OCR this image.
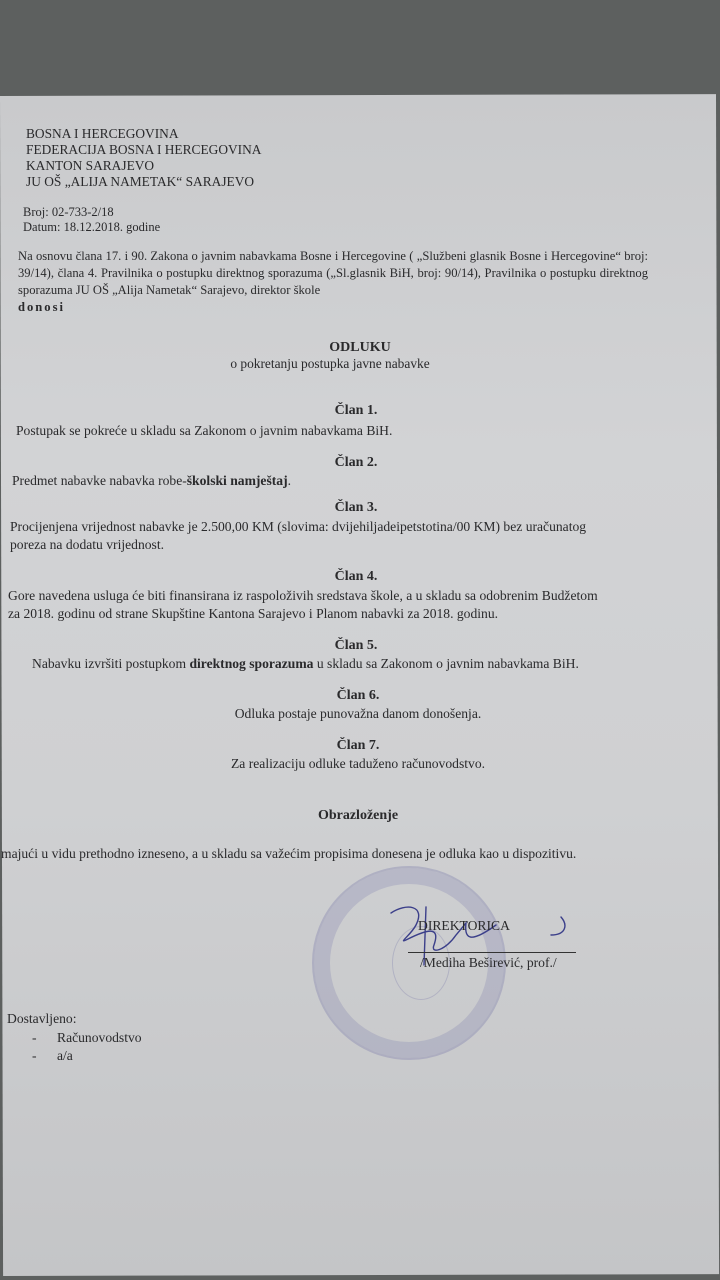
BOSNA I HERCEGOVINA
FEDERACIJA BOSNA I HERCEGOVINA
KANTON SARAJEVO
JU OŠ „ALIJA NAMETAK“ SARAJEVO
Broj: 02-733-2/18
Datum: 18.12.2018. godine
Na osnovu člana 17. i 90. Zakona o javnim nabavkama Bosne i Hercegovine ( „Službeni glasnik Bosne i Hercegovine“ broj: 39/14), člana 4. Pravilnika o postupku direktnog sporazuma („Sl.glasnik BiH, broj: 90/14), Pravilnika o postupku direktnog sporazuma JU OŠ „Alija Nametak“ Sarajevo, direktor škole
donosi
ODLUKU
o pokretanju postupka javne nabavke
Član 1.
Postupak se pokreće u skladu sa Zakonom o javnim nabavkama BiH.
Član 2.
Predmet nabavke nabavka robe-školski namještaj.
Član 3.
Procijenjena vrijednost nabavke je 2.500,00 KM (slovima: dvijehiljadeipetstotina/00 KM) bez uračunatog
poreza na dodatu vrijednost.
Član 4.
Gore navedena usluga će biti finansirana iz raspoloživih sredstava škole, a u skladu sa odobrenim Budžetom
za 2018. godinu od strane Skupštine Kantona Sarajevo i Planom nabavki za 2018. godinu.
Član 5.
Nabavku izvršiti postupkom direktnog sporazuma u skladu sa Zakonom o javnim nabavkama BiH.
Član 6.
Odluka postaje punovažna danom donošenja.
Član 7.
Za realizaciju odluke taduženo računovodstvo.
Obrazloženje
majući u vidu prethodno izneseno, a u skladu sa važećim propisima donesena je odluka kao u dispozitivu.
DIREKTORICA
/Mediha Beširević, prof./
Dostavljeno:
- Računovodstvo
- a/a
